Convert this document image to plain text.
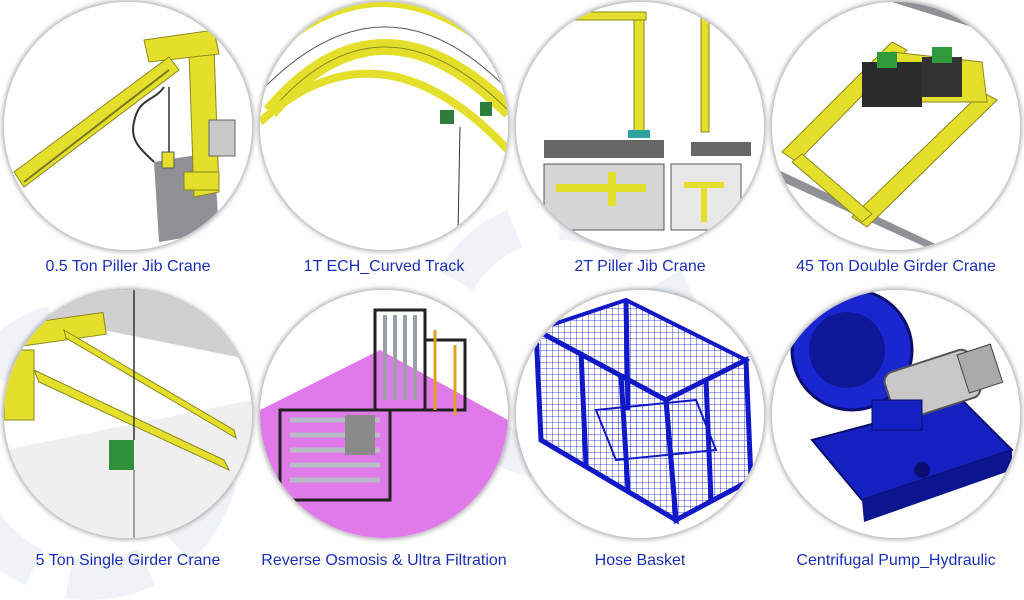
0.5 Ton Piller Jib Crane	1T ECH_Curved Track	2T Piller Jib Crane	45 Ton Double Girder Crane
5 Ton Single Girder Crane	Reverse Osmosis & Ultra Filtration	Hose Basket	Centrifugal Pump_Hydraulic
